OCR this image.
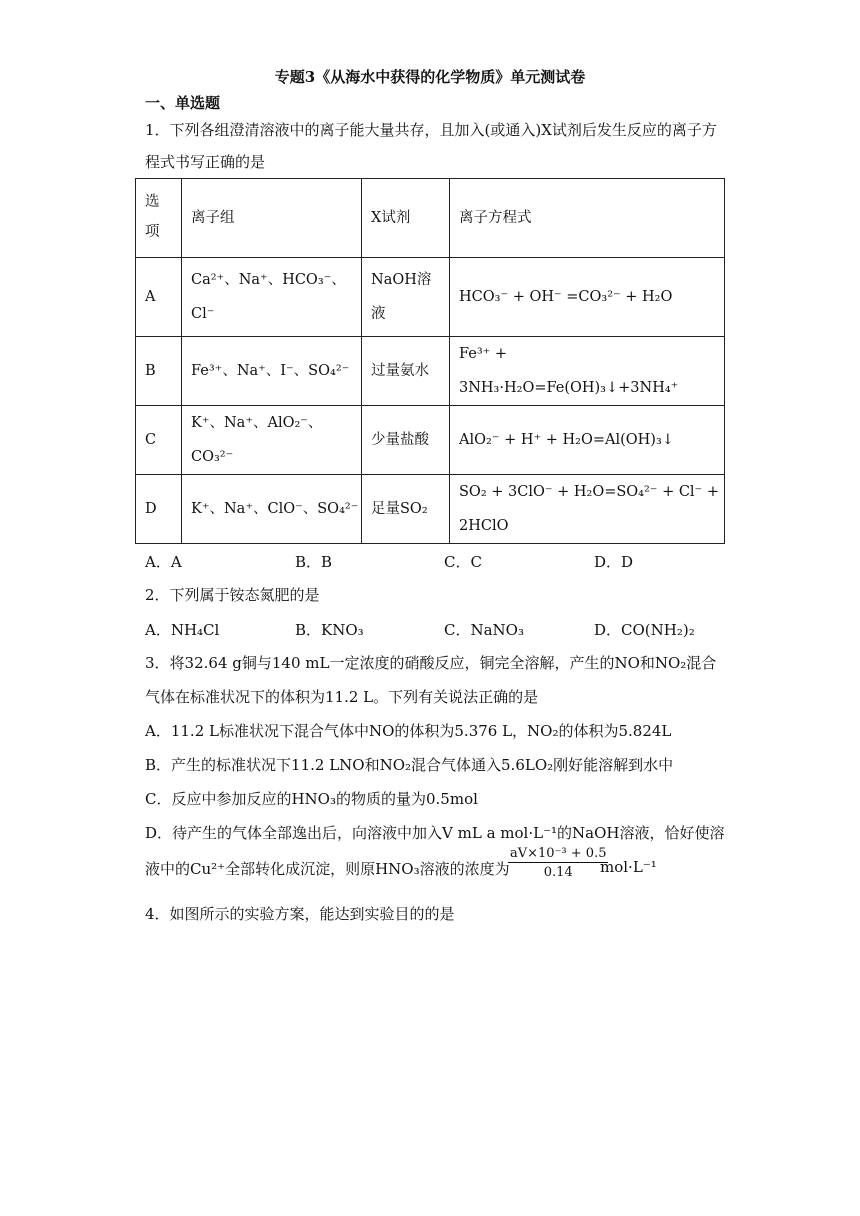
专题3《从海水中获得的化学物质》单元测试卷
一、单选题
1．下列各组澄清溶液中的离子能大量共存，且加入(或通入)X试剂后发生反应的离子方
程式书写正确的是
选项	离子组	X试剂	离子方程式
A	Ca²⁺、Na⁺、HCO₃⁻、Cl⁻	NaOH溶液	HCO₃⁻ + OH⁻ =CO₃²⁻ + H₂O
B	Fe³⁺、Na⁺、I⁻、SO₄²⁻	过量氨水	Fe³⁺ + 3NH₃·H₂O=Fe(OH)₃↓+3NH₄⁺
C	K⁺、Na⁺、AlO₂⁻、CO₃²⁻	少量盐酸	AlO₂⁻ + H⁺ + H₂O=Al(OH)₃↓
D	K⁺、Na⁺、ClO⁻、SO₄²⁻	足量SO₂	SO₂ + 3ClO⁻ + H₂O=SO₄²⁻ + Cl⁻ + 2HClO
A．A	B．B	C．C	D．D
2．下列属于铵态氮肥的是
A．NH₄Cl	B．KNO₃	C．NaNO₃	D．CO(NH₂)₂
3．将32.64 g铜与140 mL一定浓度的硝酸反应，铜完全溶解，产生的NO和NO₂混合
气体在标准状况下的体积为11.2 L。下列有关说法正确的是
A．11.2 L标准状况下混合气体中NO的体积为5.376 L，NO₂的体积为5.824L
B．产生的标准状况下11.2 LNO和NO₂混合气体通入5.6LO₂刚好能溶解到水中
C．反应中参加反应的HNO₃的物质的量为0.5mol
D．待产生的气体全部逸出后，向溶液中加入V mL a mol·L⁻¹的NaOH溶液，恰好使溶
液中的Cu²⁺全部转化成沉淀，则原HNO₃溶液的浓度为
$\frac{\text{aV×10⁻³ + 0.5}}{0.14}$
mol·L⁻¹
4．如图所示的实验方案，能达到实验目的的是
